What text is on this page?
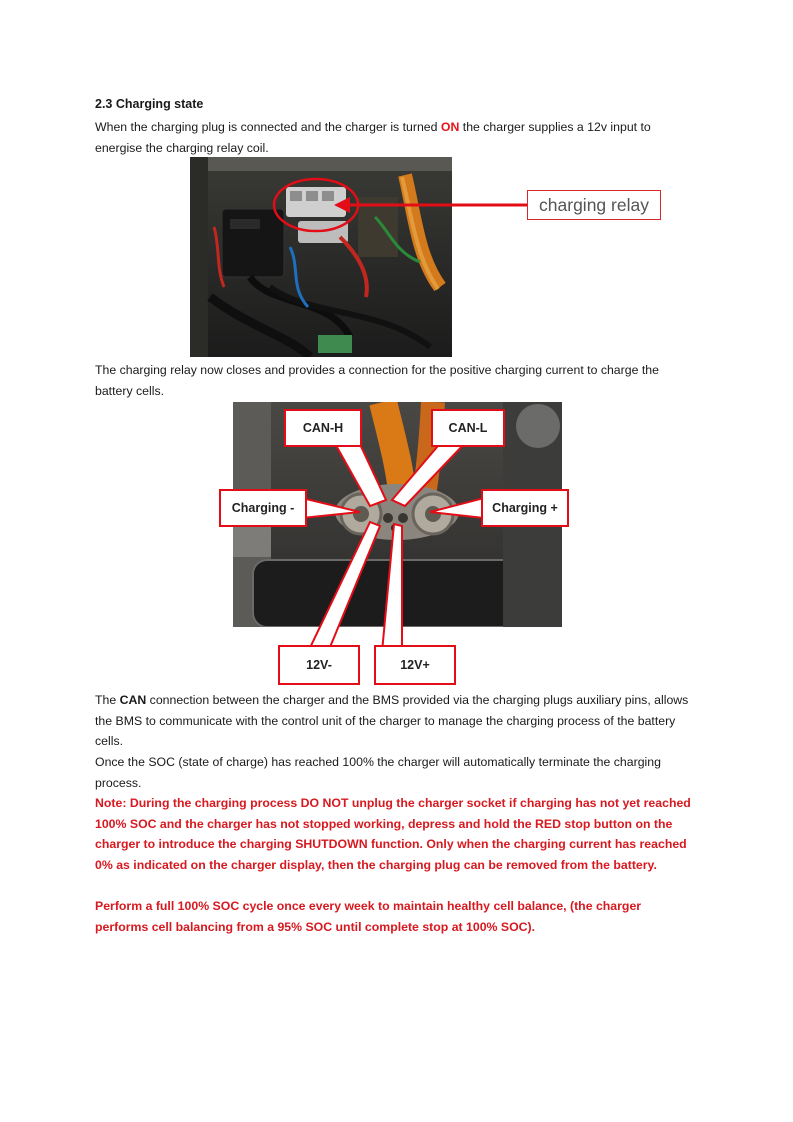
2.3 Charging state
When the charging plug is connected and the charger is turned ON the charger supplies a 12v input to energise the charging relay coil.
charging relay
The charging relay now closes and provides a connection for the positive charging current to charge the battery cells.
CAN-H	CAN-L
Charging -	Charging +
12V-	12V+
The CAN connection between the charger and the BMS provided via the charging plugs auxiliary pins, allows the BMS to communicate with the control unit of the charger to manage the charging process of the battery cells.
Once the SOC (state of charge) has reached 100% the charger will automatically terminate the charging process.
Note: During the charging process DO NOT unplug the charger socket if charging has not yet reached 100% SOC and the charger has not stopped working, depress and hold the RED stop button on the charger to introduce the charging SHUTDOWN function. Only when the charging current has reached 0% as indicated on the charger display, then the charging plug can be removed from the battery.
Perform a full 100% SOC cycle once every week to maintain healthy cell balance, (the charger performs cell balancing from a 95% SOC until complete stop at 100% SOC).
